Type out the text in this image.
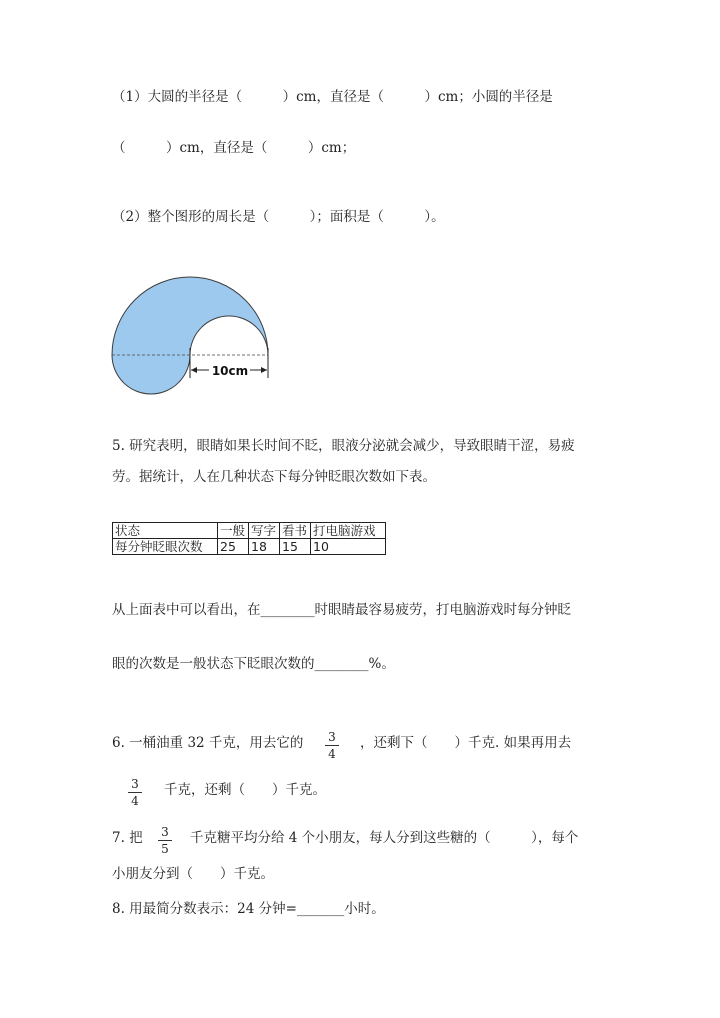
（1）大圆的半径是（　　　）cm，直径是（　　　）cm；小圆的半径是
（　　　）cm，直径是（　　　）cm；
（2）整个图形的周长是（　　　）；面积是（　　　）。
10cm
5. 研究表明，眼睛如果长时间不眨，眼液分泌就会减少，导致眼睛干涩，易疲
劳。据统计，人在几种状态下每分钟眨眼次数如下表。
状态	一般	写字	看书	打电脑游戏
每分钟眨眼次数	25	18	15	10
从上面表中可以看出，在________时眼睛最容易疲劳，打电脑游戏时每分钟眨
眼的次数是一般状态下眨眼次数的________%。
6. 一桶油重 32 千克，用去它的 3
4
，还剩下（　　）千克. 如果再用去
3
4
千克，还剩（　　）千克。
7. 把 3
5
千克糖平均分给 4 个小朋友，每人分到这些糖的（　　　），每个
小朋友分到（　　）千克。
8. 用最简分数表示：24 分钟=_______小时。
